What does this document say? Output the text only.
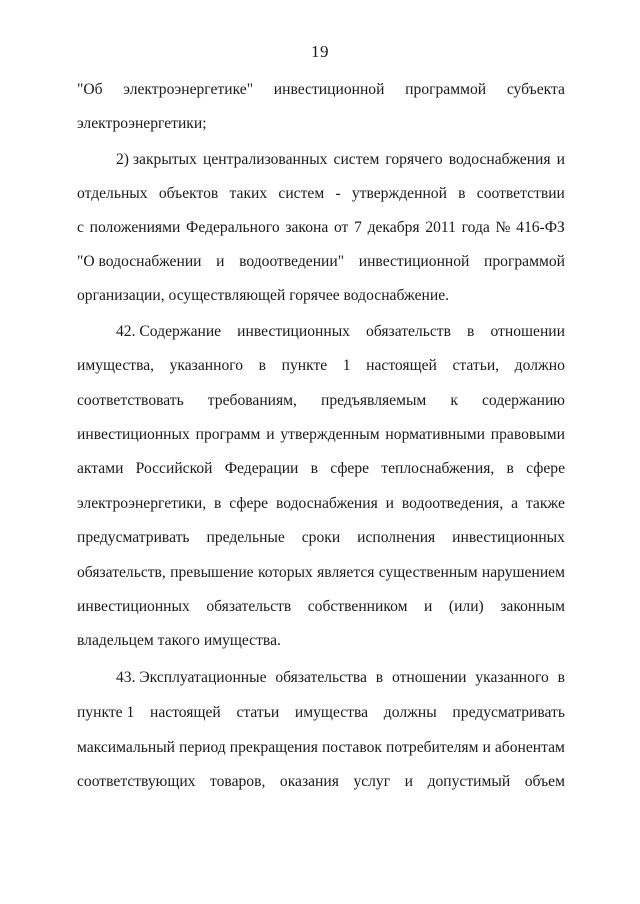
19
"Об электроэнергетике" инвестиционной программой субъекта
электроэнергетики;
2) закрытых централизованных систем горячего водоснабжения и
отдельных объектов таких систем - утвержденной в соответствии
с положениями Федерального закона от 7 декабря 2011 года № 416-ФЗ
"О водоснабжении и водоотведении" инвестиционной программой
организации, осуществляющей горячее водоснабжение.
42. Содержание инвестиционных обязательств в отношении
имущества, указанного в пункте 1 настоящей статьи, должно
соответствовать требованиям, предъявляемым к содержанию
инвестиционных программ и утвержденным нормативными правовыми
актами Российской Федерации в сфере теплоснабжения, в сфере
электроэнергетики, в сфере водоснабжения и водоотведения, а также
предусматривать предельные сроки исполнения инвестиционных
обязательств, превышение которых является существенным нарушением
инвестиционных обязательств собственником и (или) законным
владельцем такого имущества.
43. Эксплуатационные обязательства в отношении указанного в
пункте 1 настоящей статьи имущества должны предусматривать
максимальный период прекращения поставок потребителям и абонентам
соответствующих товаров, оказания услуг и допустимый объем
